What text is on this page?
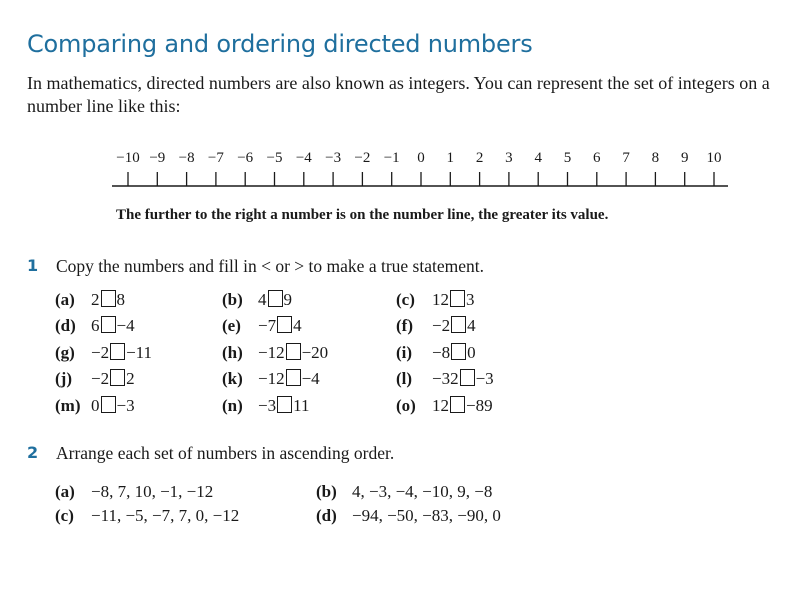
Comparing and ordering directed numbers

In mathematics, directed numbers are also known as integers. You can represent the set of integers on a number line like this:

−10 −9 −8 −7 −6 −5 −4 −3 −2 −1 0 1 2 3 4 5 6 7 8 9 10
The further to the right a number is on the number line, the greater its value.
1 Copy the numbers and fill in < or > to make a true statement.
(a) 2 8	(b) 4 9	(c) 12 3
(d) 6 −4	(e) −7 4	(f) −2 4
(g) −2 −11	(h) −12 −20	(i) −8 0
(j) −2 2	(k) −12 −4	(l) −32 −3
(m) 0 −3	(n) −3 11	(o) 12 −89
2 Arrange each set of numbers in ascending order.
(a) −8, 7, 10, −1, −12	(b) 4, −3, −4, −10, 9, −8
(c) −11, −5, −7, 7, 0, −12	(d) −94, −50, −83, −90, 0
